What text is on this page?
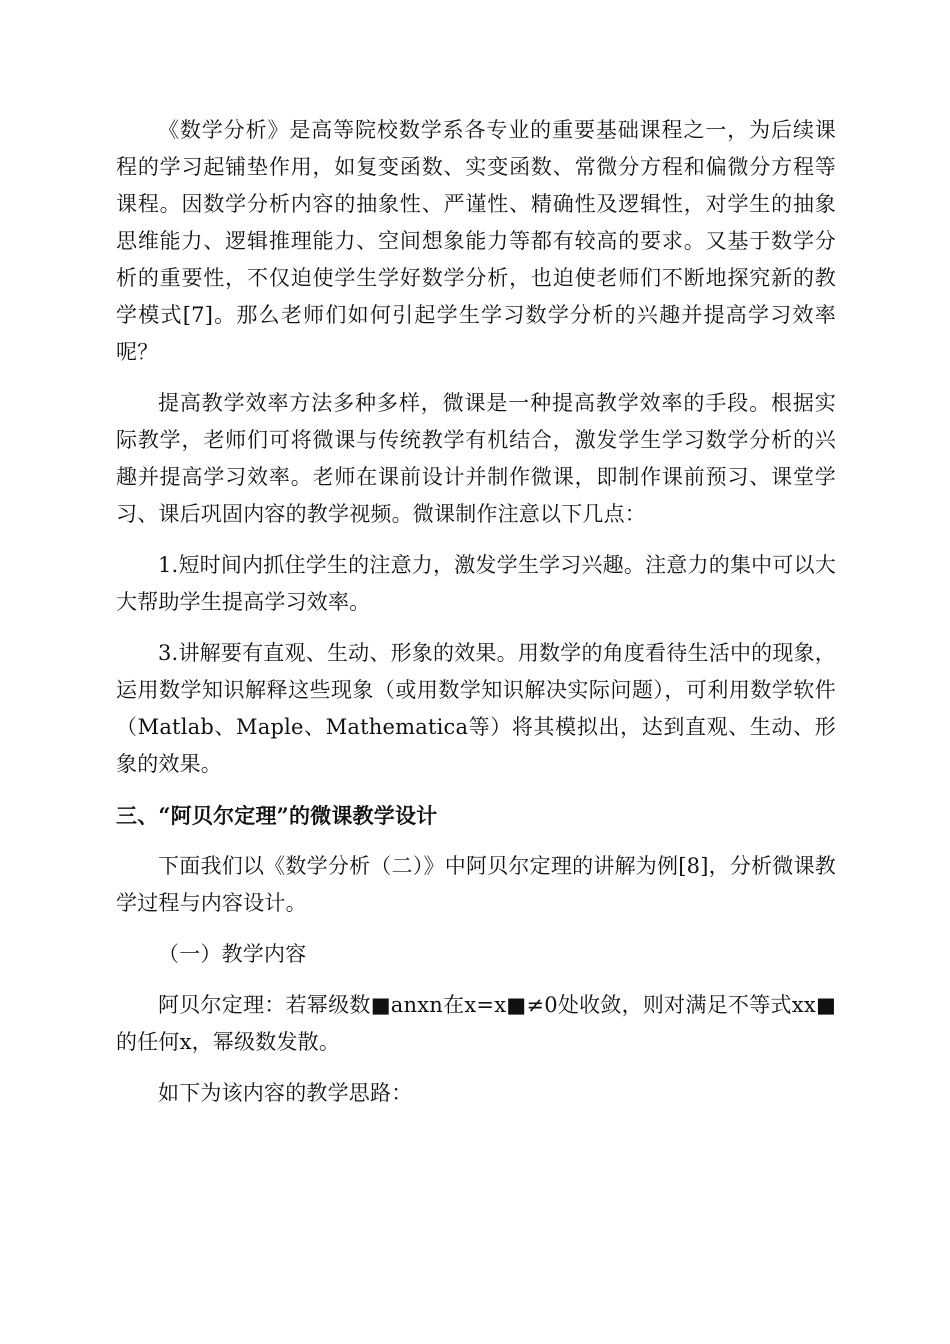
《数学分析》是高等院校数学系各专业的重要基础课程之一，为后续课程的学习起铺垫作用，如复变函数、实变函数、常微分方程和偏微分方程等课程。因数学分析内容的抽象性、严谨性、精确性及逻辑性，对学生的抽象思维能力、逻辑推理能力、空间想象能力等都有较高的要求。又基于数学分析的重要性，不仅迫使学生学好数学分析，也迫使老师们不断地探究新的教学模式[7]。那么老师们如何引起学生学习数学分析的兴趣并提高学习效率呢？

提高教学效率方法多种多样，微课是一种提高教学效率的手段。根据实际教学，老师们可将微课与传统教学有机结合，激发学生学习数学分析的兴趣并提高学习效率。老师在课前设计并制作微课，即制作课前预习、课堂学习、课后巩固内容的教学视频。微课制作注意以下几点：

1.短时间内抓住学生的注意力，激发学生学习兴趣。注意力的集中可以大大帮助学生提高学习效率。

3.讲解要有直观、生动、形象的效果。用数学的角度看待生活中的现象，运用数学知识解释这些现象（或用数学知识解决实际问题），可利用数学软件（Matlab、Maple、Mathematica等）将其模拟出，达到直观、生动、形象的效果。

三、“阿贝尔定理”的微课教学设计

下面我们以《数学分析（二）》中阿贝尔定理的讲解为例[8]，分析微课教学过程与内容设计。

（一）教学内容

阿贝尔定理：若幂级数■anxn在x=x■≠0处收敛，则对满足不等式xx■的任何x，幂级数发散。

如下为该内容的教学思路：
